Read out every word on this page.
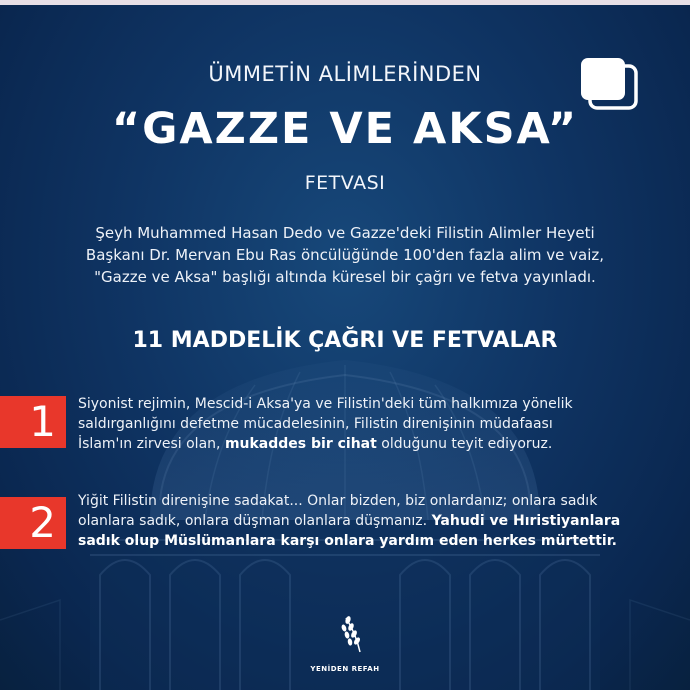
ÜMMETİN ALİMLERİNDEN
“GAZZE VE AKSA”
FETVASI
Şeyh Muhammed Hasan Dedo ve Gazze'deki Filistin Alimler Heyeti
Başkanı Dr. Mervan Ebu Ras öncülüğünde 100'den fazla alim ve vaiz,
"Gazze ve Aksa" başlığı altında küresel bir çağrı ve fetva yayınladı.
11 MADDELİK ÇAĞRI VE FETVALAR
1	Siyonist rejimin, Mescid-i Aksa'ya ve Filistin'deki tüm halkımıza yönelik
saldırganlığını defetme mücadelesinin, Filistin direnişinin müdafaası
İslam'ın zirvesi olan, mukaddes bir cihat olduğunu teyit ediyoruz.
2	Yiğit Filistin direnişine sadakat... Onlar bizden, biz onlardanız; onlara sadık
olanlara sadık, onlara düşman olanlara düşmanız. Yahudi ve Hıristiyanlara
sadık olup Müslümanlara karşı onlara yardım eden herkes mürtettir.
YENİDEN REFAH
